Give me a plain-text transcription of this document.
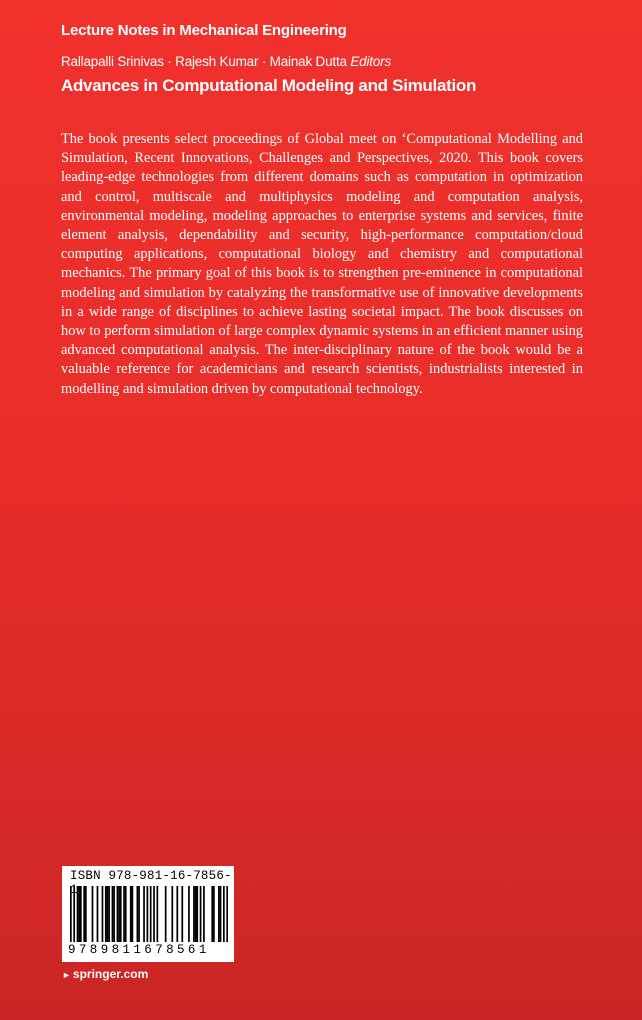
Lecture Notes in Mechanical Engineering
Rallapalli Srinivas · Rajesh Kumar · Mainak Dutta Editors
Advances in Computational Modeling and Simulation

The book presents select proceedings of Global meet on ‘Computational Modelling and Simulation, Recent Innovations, Challenges and Perspectives, 2020. This book covers leading-edge technologies from different domains such as computation in optimization and control, multiscale and multiphysics modeling and computation analysis, environmental modeling, modeling approaches to enterprise systems and services, finite element analysis, dependability and security, high-performance computation/cloud computing applications, computational biology and chemistry and computational mechanics. The primary goal of this book is to strengthen pre-eminence in computational modeling and simulation by catalyzing the transformative use of innovative developments in a wide range of disciplines to achieve lasting societal impact. The book discusses on how to perform simulation of large complex dynamic systems in an efficient manner using advanced computational analysis. The inter-disciplinary nature of the book would be a valuable reference for academicians and research scientists, industrialists interested in modelling and simulation driven by computational technology.

ISBN 978-981-16-7856-
9789811678561
► springer.com
